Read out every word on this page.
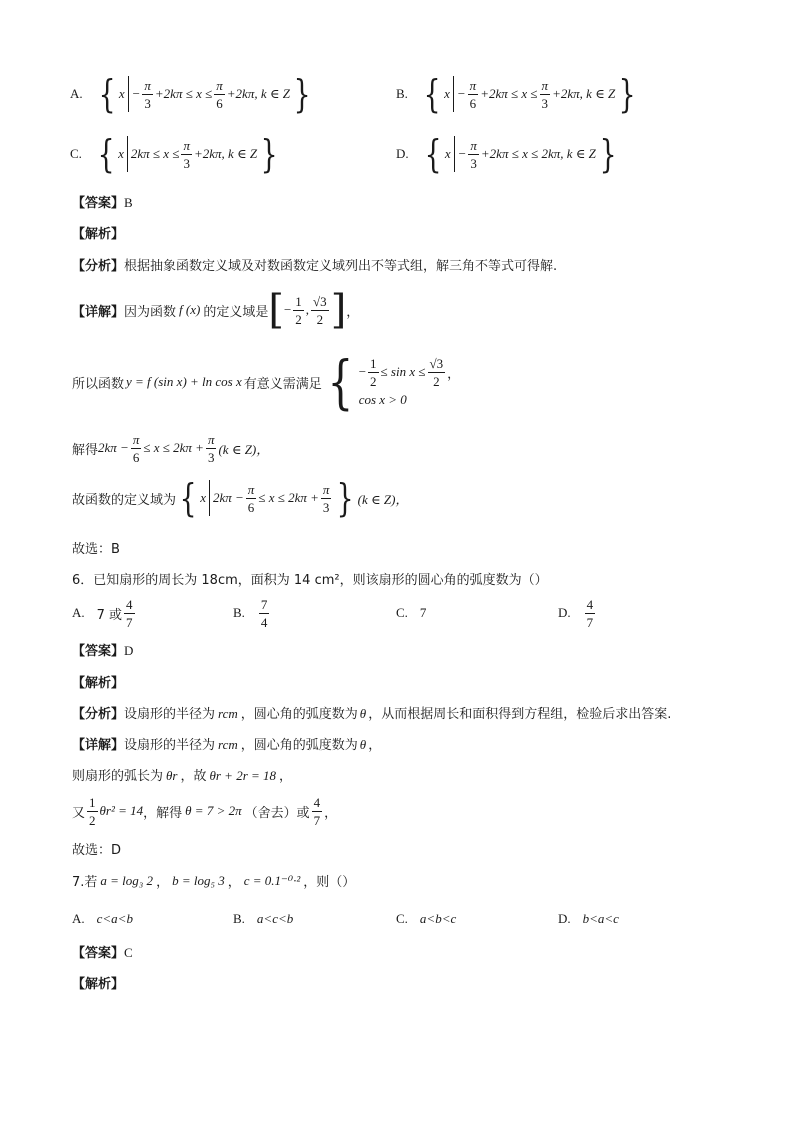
A. { $x - \frac{\pi}{3} +2k\pi \le x \le \frac{\pi}{6} +2k\pi$, k ∈ Z }	B. { $x - \frac{\pi}{6} +2k\pi \le x \le \frac{\pi}{3} +2k\pi$, k ∈ Z }
C. { x $2k\pi \le x \le \frac{\pi}{3} +2k\pi$, k ∈ Z }	D. { $x - \frac{\pi}{3} +2k\pi \le x \le 2k\pi$, k ∈ Z }
【答案】B
【解析】
【分析】根据抽象函数定义域及对数函数定义域列出不等式组，解三角不等式可得解.
【详解】 因为函数 f (x) 的定义域是 [ − $\frac{1}{2}$ , $\frac{√3}{2}$ ] ，
所以函数 y = f (sin x) + ln cos x 有意义需满足 { − $\frac{1}{2} \le \sin x \le \frac{√3}{2}$ ，
cos x > 0
解得 $2k\pi - \frac{\pi}{6} \le x \le 2k\pi + \frac{\pi}{3} (k$ ∈ Z)，
故函数的定义域为 { x $2k\pi - \frac{\pi}{6} \le x \le 2k\pi + \frac{\pi}{3}$ } (k ∈ Z)，
故选：B
6．已知扇形的周长为 18cm，面积为 14 cm²，则该扇形的圆心角的弧度数为（）
A. 7 或 $\frac{4}{7}$	B. $\frac{7}{4}$	C. 7	D. $\frac{4}{7}$
【答案】D
【解析】
【分析】设扇形的半径为 rcm ，圆心角的弧度数为 θ ，从而根据周长和面积得到方程组，检验后求出答案.
【详解】设扇形的半径为 rcm ，圆心角的弧度数为 θ ，
则扇形的弧长为 θr ，故 θr + 2r = 18 ，
又 $\frac{1}{2} \theta r^2 = 14$ ，解得 θ = 7 > 2π （舍去）或 $\frac{4}{7}$ ，
故选：D
7.若 a = log₃ 2 ， b = log₅ 3 ， c = 0.1⁻⁰·² ，则（）
A. c<a<b	B. a<c<b	C. a<b<c	D. b<a<c
【答案】C
【解析】
